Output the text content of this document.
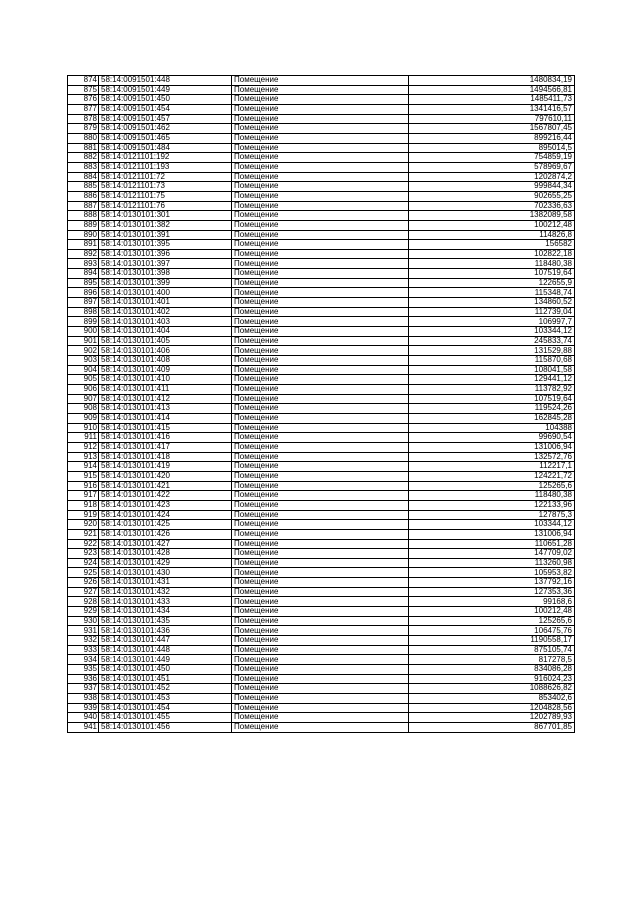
874	58:14:0091501:448	Помещение	1480834,19
875	58:14:0091501:449	Помещение	1494566,81
876	58:14:0091501:450	Помещение	1485411,73
877	58:14:0091501:454	Помещение	1341416,57
878	58:14:0091501:457	Помещение	797610,11
879	58:14:0091501:462	Помещение	1567807,45
880	58:14:0091501:465	Помещение	899216,44
881	58:14:0091501:484	Помещение	895014,5
882	58:14:0121101:192	Помещение	754859,19
883	58:14:0121101:193	Помещение	578969,67
884	58:14:0121101:72	Помещение	1202874,2
885	58:14:0121101:73	Помещение	999844,34
886	58:14:0121101:75	Помещение	902655,25
887	58:14:0121101:76	Помещение	702336,63
888	58:14:0130101:301	Помещение	1382089,58
889	58:14:0130101:382	Помещение	100212,48
890	58:14:0130101:391	Помещение	114826,8
891	58:14:0130101:395	Помещение	156582
892	58:14:0130101:396	Помещение	102822,18
893	58:14:0130101:397	Помещение	118480,38
894	58:14:0130101:398	Помещение	107519,64
895	58:14:0130101:399	Помещение	122655,9
896	58:14:0130101:400	Помещение	115348,74
897	58:14:0130101:401	Помещение	134860,52
898	58:14:0130101:402	Помещение	112739,04
899	58:14:0130101:403	Помещение	106997,7
900	58:14:0130101:404	Помещение	103344,12
901	58:14:0130101:405	Помещение	245833,74
902	58:14:0130101:406	Помещение	131529,88
903	58:14:0130101:408	Помещение	115870,68
904	58:14:0130101:409	Помещение	108041,58
905	58:14:0130101:410	Помещение	129441,12
906	58:14:0130101:411	Помещение	113782,92
907	58:14:0130101:412	Помещение	107519,64
908	58:14:0130101:413	Помещение	119524,26
909	58:14:0130101:414	Помещение	162845,28
910	58:14:0130101:415	Помещение	104388
911	58:14:0130101:416	Помещение	99690,54
912	58:14:0130101:417	Помещение	131006,94
913	58:14:0130101:418	Помещение	132572,76
914	58:14:0130101:419	Помещение	112217,1
915	58:14:0130101:420	Помещение	124221,72
916	58:14:0130101:421	Помещение	125265,6
917	58:14:0130101:422	Помещение	118480,38
918	58:14:0130101:423	Помещение	122133,96
919	58:14:0130101:424	Помещение	127875,3
920	58:14:0130101:425	Помещение	103344,12
921	58:14:0130101:426	Помещение	131006,94
922	58:14:0130101:427	Помещение	110651,28
923	58:14:0130101:428	Помещение	147709,02
924	58:14:0130101:429	Помещение	113260,98
925	58:14:0130101:430	Помещение	105953,82
926	58:14:0130101:431	Помещение	137792,16
927	58:14:0130101:432	Помещение	127353,36
928	58:14:0130101:433	Помещение	99168,6
929	58:14:0130101:434	Помещение	100212,48
930	58:14:0130101:435	Помещение	125265,6
931	58:14:0130101:436	Помещение	106475,76
932	58:14:0130101:447	Помещение	1190558,17
933	58:14:0130101:448	Помещение	875105,74
934	58:14:0130101:449	Помещение	817278,5
935	58:14:0130101:450	Помещение	834086,28
936	58:14:0130101:451	Помещение	916024,23
937	58:14:0130101:452	Помещение	1088626,82
938	58:14:0130101:453	Помещение	853402,6
939	58:14:0130101:454	Помещение	1204828,56
940	58:14:0130101:455	Помещение	1202789,93
941	58:14:0130101:456	Помещение	867701,85
